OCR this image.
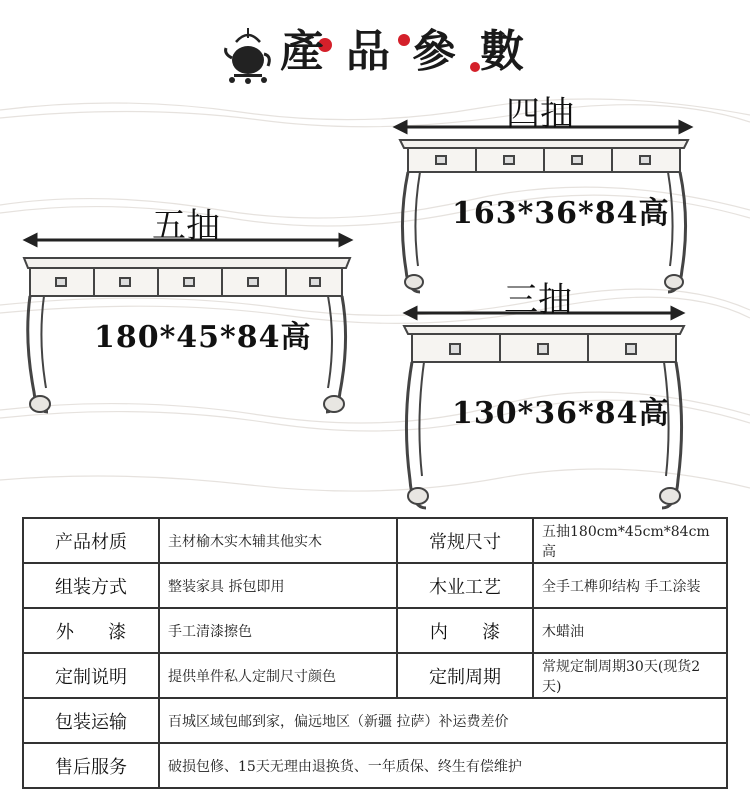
產 品 參 數
五抽
180*45*84高
四抽
163*36*84高
三抽
130*36*84高
产品材质	主材榆木实木辅其他实木	常规尺寸	五抽180cm*45cm*84cm高
组装方式	整装家具 拆包即用	木业工艺	全手工榫卯结构 手工涂装
外      漆	手工清漆擦色	内      漆	木蜡油
定制说明	提供单件私人定制尺寸颜色	定制周期	常规定制周期30天(现货2天)
包装运输	百城区域包邮到家，偏远地区（新疆 拉萨）补运费差价		
售后服务	破损包修、15天无理由退换货、一年质保、终生有偿维护		
